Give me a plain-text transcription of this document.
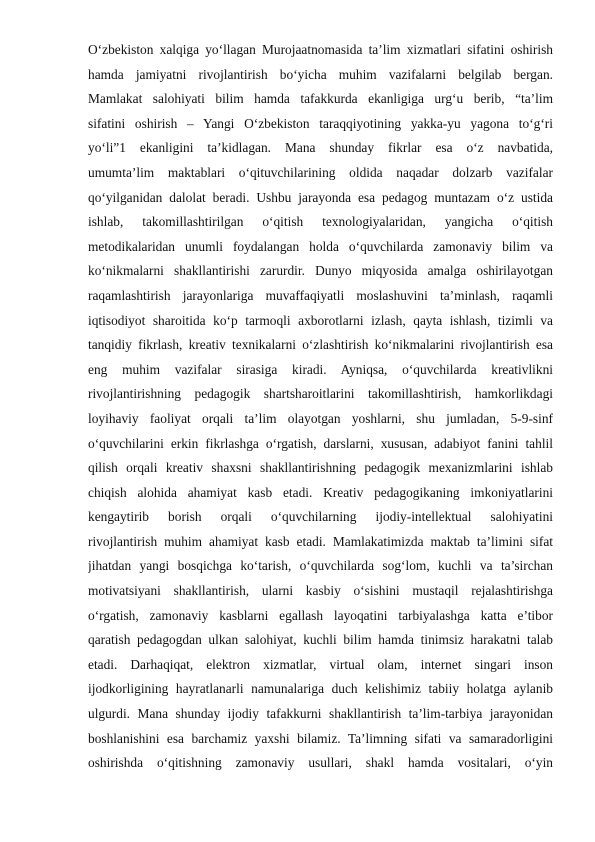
O‘zbekiston xalqiga yo‘llagan Murojaatnomasida ta’lim xizmatlari sifatini oshirish
hamda jamiyatni rivojlantirish bo‘yicha muhim vazifalarni belgilab bergan.
Mamlakat salohiyati bilim hamda tafakkurda ekanligiga urg‘u berib, “ta’lim
sifatini oshirish – Yangi O‘zbekiston taraqqiyotining yakka-yu yagona to‘g‘ri
yo‘li”1 ekanligini ta’kidlagan. Mana shunday fikrlar esa o‘z navbatida,
umumta’lim maktablari o‘qituvchilarining oldida naqadar dolzarb vazifalar
qo‘yilganidan dalolat beradi. Ushbu jarayonda esa pedagog muntazam o‘z ustida
ishlab, takomillashtirilgan o‘qitish texnologiyalaridan, yangicha o‘qitish
metodikalaridan unumli foydalangan holda o‘quvchilarda zamonaviy bilim va
ko‘nikmalarni shakllantirishi zarurdir. Dunyo miqyosida amalga oshirilayotgan
raqamlashtirish jarayonlariga muvaffaqiyatli moslashuvini ta’minlash, raqamli
iqtisodiyot sharoitida ko‘p tarmoqli axborotlarni izlash, qayta ishlash, tizimli va
tanqidiy fikrlash, kreativ texnikalarni o‘zlashtirish ko‘nikmalarini rivojlantirish esa
eng muhim vazifalar sirasiga kiradi. Ayniqsa, o‘quvchilarda kreativlikni
rivojlantirishning pedagogik shartsharoitlarini takomillashtirish, hamkorlikdagi
loyihaviy faoliyat orqali ta’lim olayotgan yoshlarni, shu jumladan, 5-9-sinf
o‘quvchilarini erkin fikrlashga o‘rgatish, darslarni, xususan, adabiyot fanini tahlil
qilish orqali kreativ shaxsni shakllantirishning pedagogik mexanizmlarini ishlab
chiqish alohida ahamiyat kasb etadi. Kreativ pedagogikaning imkoniyatlarini
kengaytirib borish orqali o‘quvchilarning ijodiy-intellektual salohiyatini
rivojlantirish muhim ahamiyat kasb etadi. Mamlakatimizda maktab ta’limini sifat
jihatdan yangi bosqichga ko‘tarish, o‘quvchilarda sog‘lom, kuchli va ta’sirchan
motivatsiyani shakllantirish, ularni kasbiy o‘sishini mustaqil rejalashtirishga
o‘rgatish, zamonaviy kasblarni egallash layoqatini tarbiyalashga katta e’tibor
qaratish pedagogdan ulkan salohiyat, kuchli bilim hamda tinimsiz harakatni talab
etadi. Darhaqiqat, elektron xizmatlar, virtual olam, internet singari inson
ijodkorligining hayratlanarli namunalariga duch kelishimiz tabiiy holatga aylanib
ulgurdi. Mana shunday ijodiy tafakkurni shakllantirish ta’lim-tarbiya jarayonidan
boshlanishini esa barchamiz yaxshi bilamiz. Ta’limning sifati va samaradorligini
oshirishda o‘qitishning zamonaviy usullari, shakl hamda vositalari, o‘yin
